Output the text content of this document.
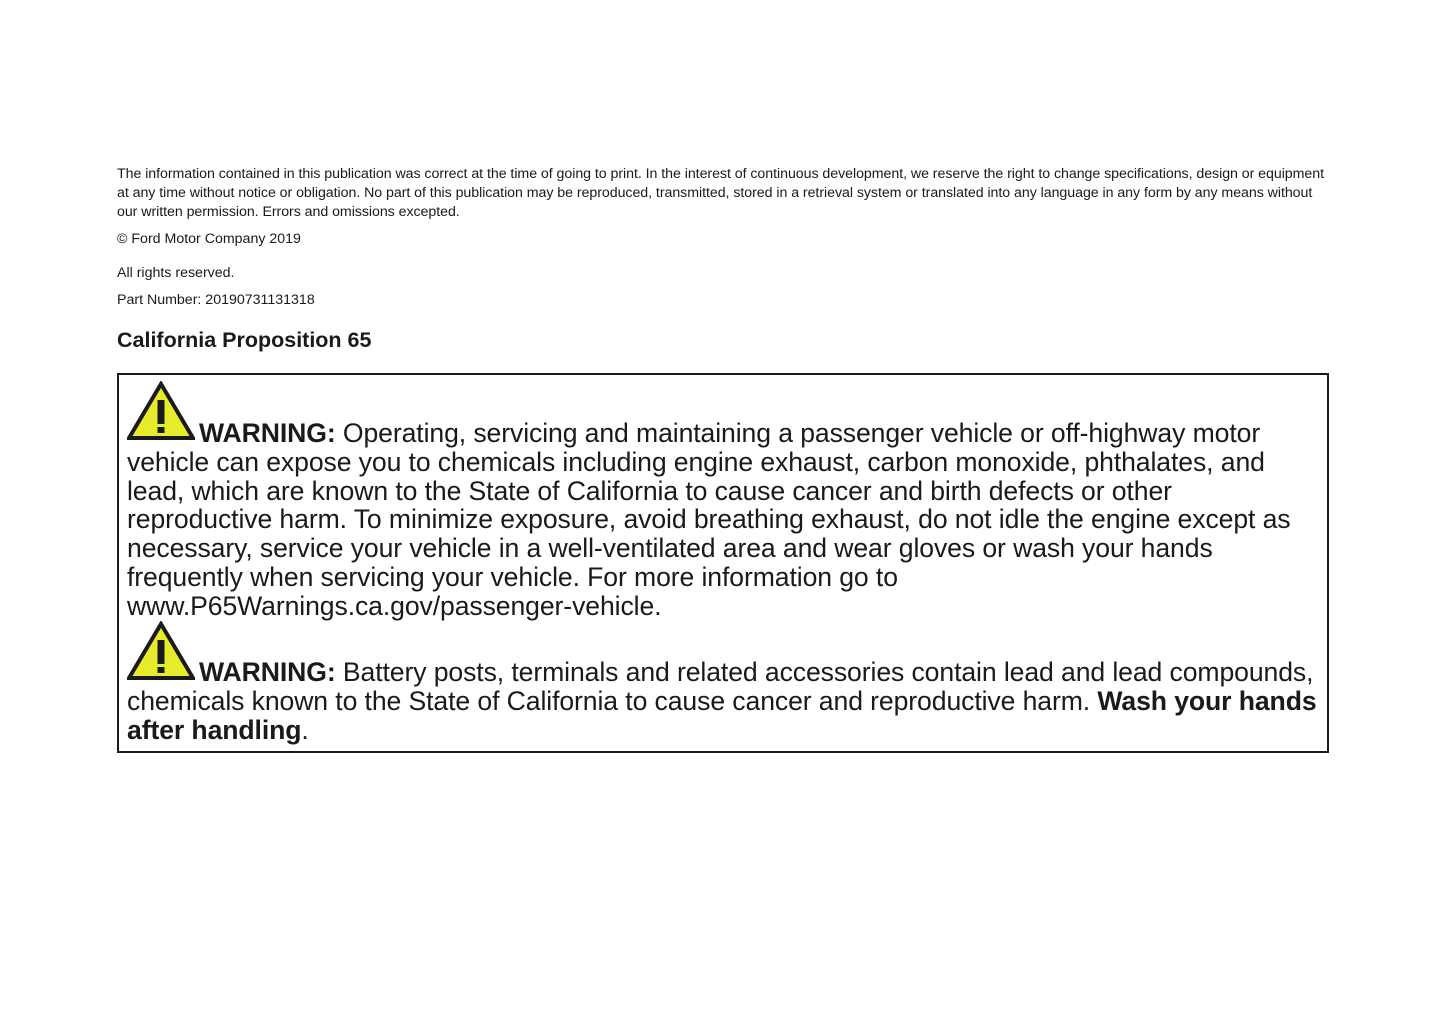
The information contained in this publication was correct at the time of going to print. In the interest of continuous development, we reserve the right to change specifications, design or equipment at any time without notice or obligation. No part of this publication may be reproduced, transmitted, stored in a retrieval system or translated into any language in any form by any means without our written permission. Errors and omissions excepted.

© Ford Motor Company 2019

All rights reserved.

Part Number: 20190731131318

California Proposition 65
WARNING: Operating, servicing and maintaining a passenger vehicle or off-highway motor vehicle can expose you to chemicals including engine exhaust, carbon monoxide, phthalates, and lead, which are known to the State of California to cause cancer and birth defects or other reproductive harm. To minimize exposure, avoid breathing exhaust, do not idle the engine except as necessary, service your vehicle in a well-ventilated area and wear gloves or wash your hands frequently when servicing your vehicle. For more information go to www.P65Warnings.ca.gov/passenger-vehicle.
WARNING: Battery posts, terminals and related accessories contain lead and lead compounds, chemicals known to the State of California to cause cancer and reproductive harm. Wash your hands after handling.
